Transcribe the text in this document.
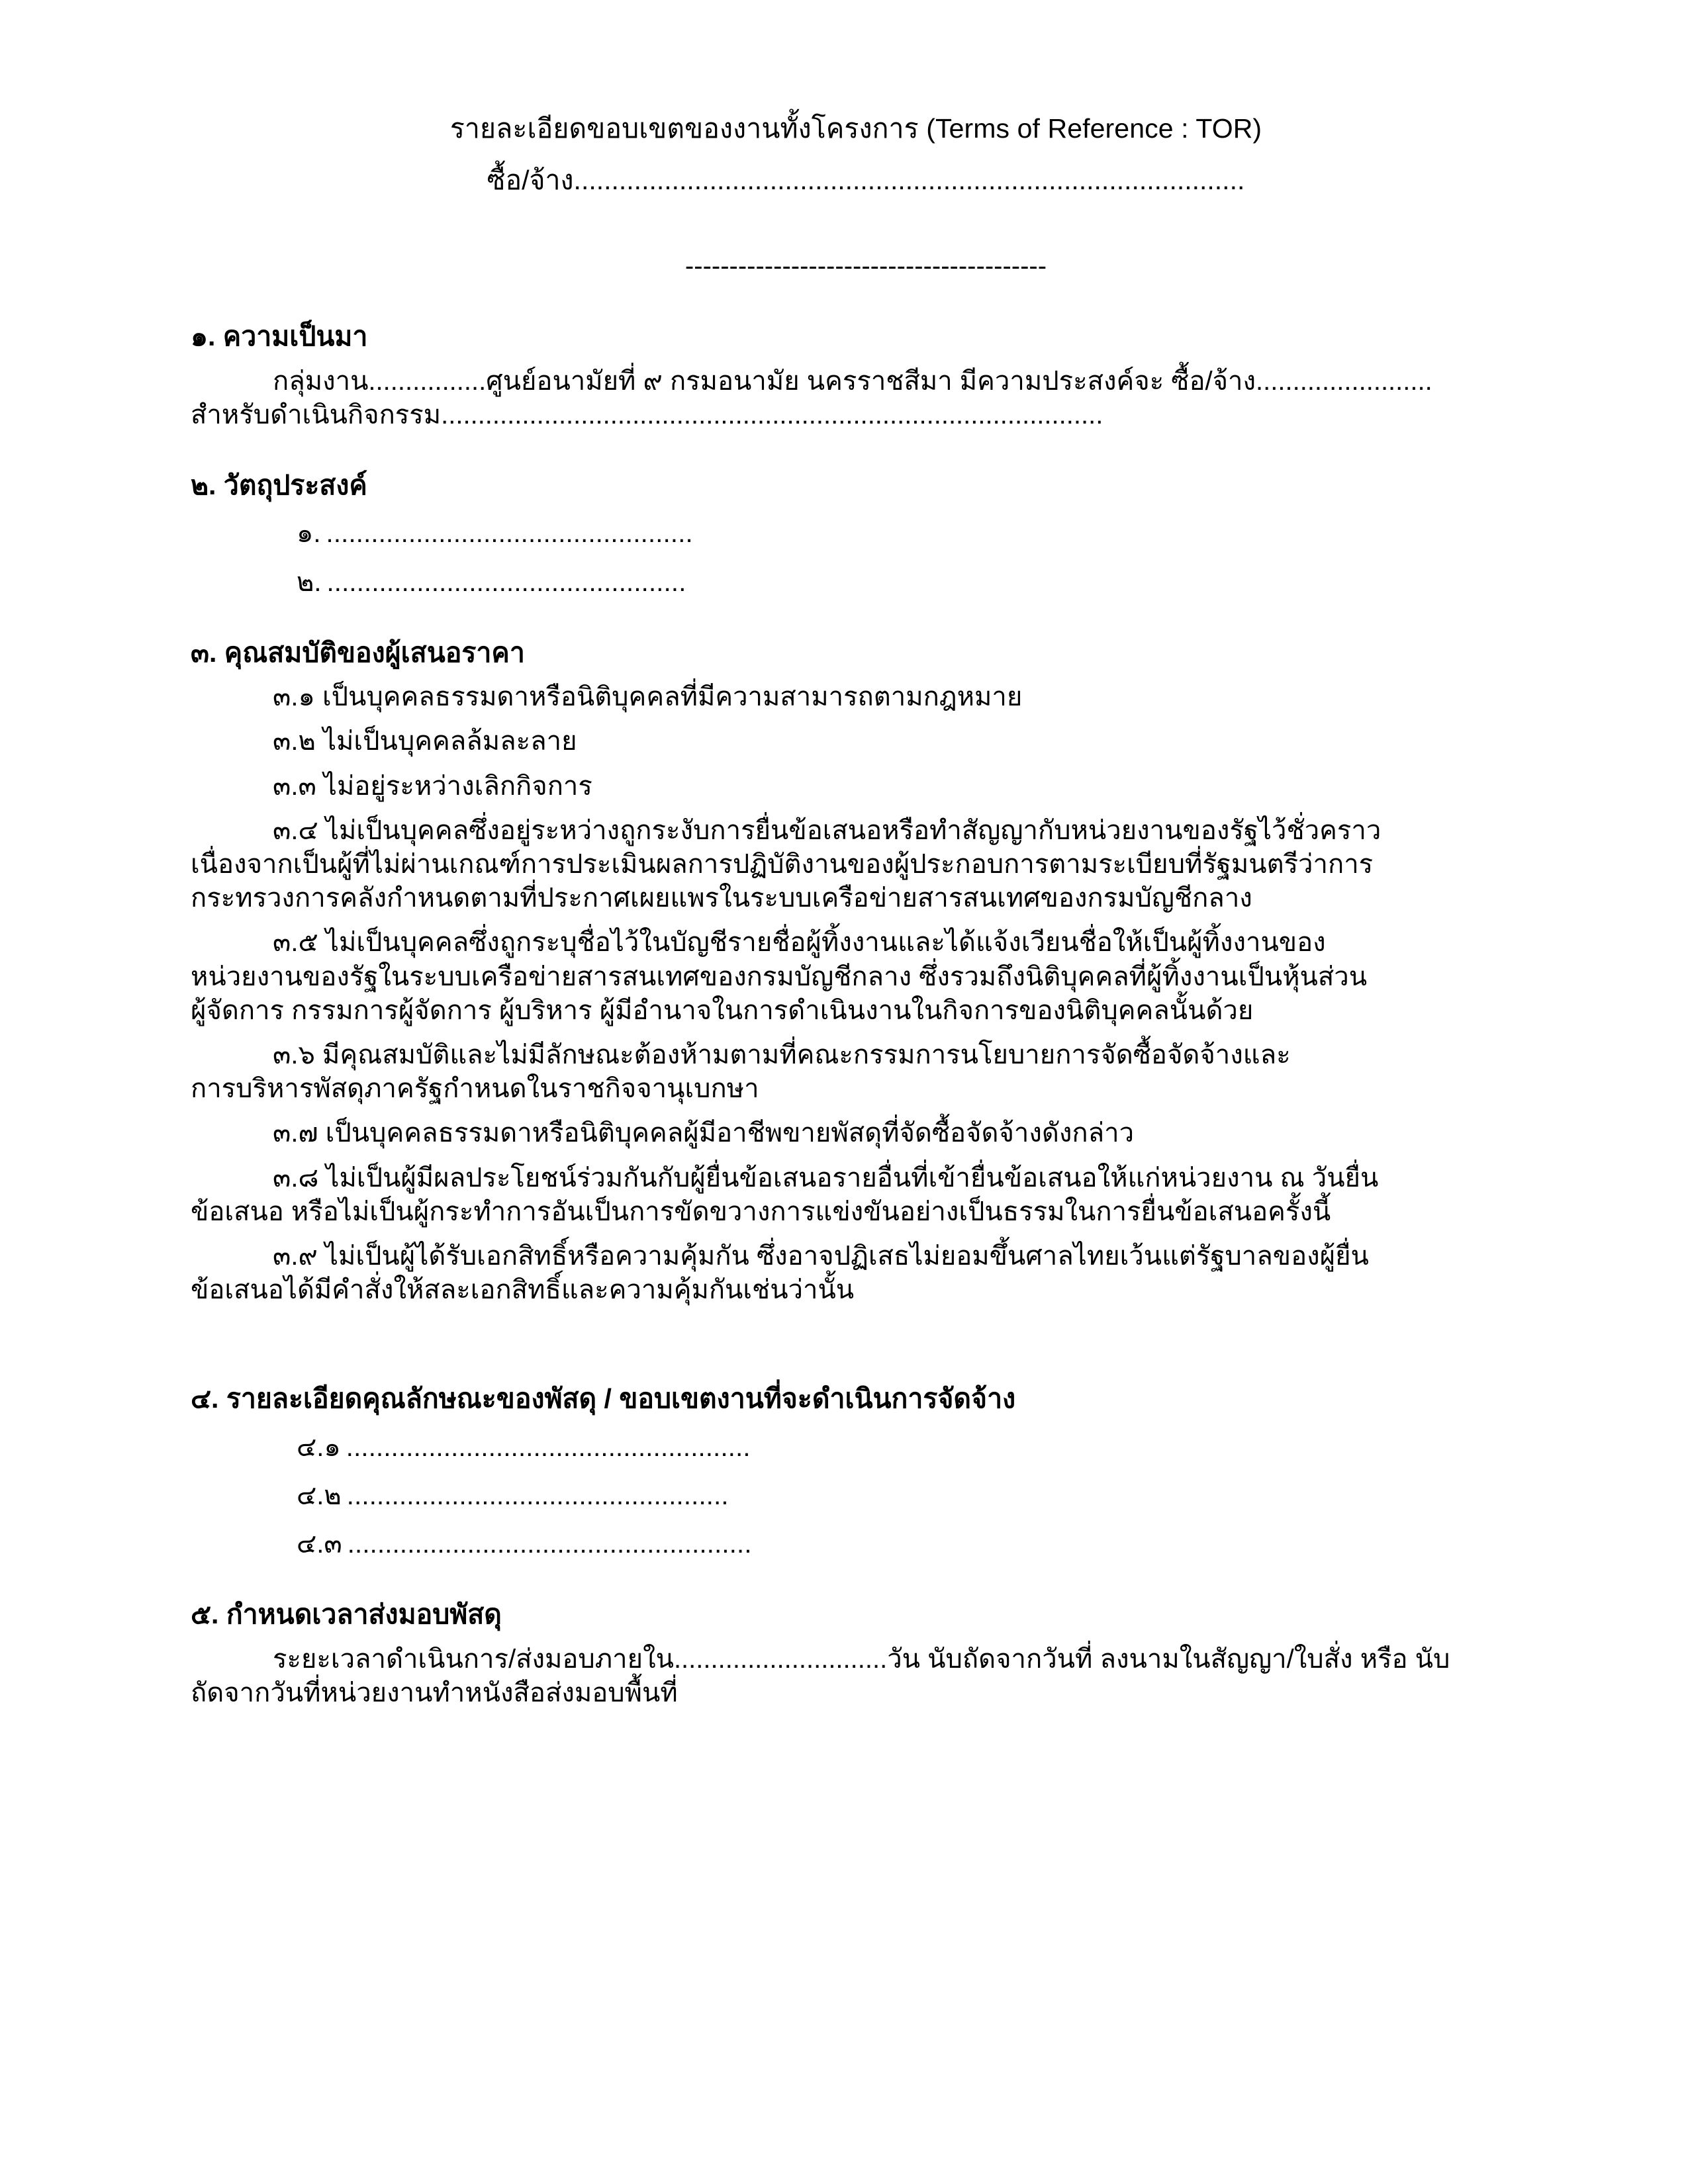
รายละเอียดขอบเขตของงานทั้งโครงการ (Terms of Reference : TOR)
ซื้อ/จ้าง.........................................................................................
-----------------------------------------
๑. ความเป็นมา
กลุ่มงาน................ศูนย์อนามัยที่ ๙ กรมอนามัย นครราชสีมา มีความประสงค์จะ ซื้อ/จ้าง........................
สำหรับดำเนินกิจกรรม..........................................................................................
๒. วัตถุประสงค์
๑. .................................................
๒. ................................................
๓. คุณสมบัติของผู้เสนอราคา
๓.๑ เป็นบุคคลธรรมดาหรือนิติบุคคลที่มีความสามารถตามกฎหมาย
๓.๒ ไม่เป็นบุคคลล้มละลาย
๓.๓ ไม่อยู่ระหว่างเลิกกิจการ
๓.๔ ไม่เป็นบุคคลซึ่งอยู่ระหว่างถูกระงับการยื่นข้อเสนอหรือทำสัญญากับหน่วยงานของรัฐไว้ชั่วคราว
เนื่องจากเป็นผู้ที่ไม่ผ่านเกณฑ์การประเมินผลการปฏิบัติงานของผู้ประกอบการตามระเบียบที่รัฐมนตรีว่าการ
กระทรวงการคลังกำหนดตามที่ประกาศเผยแพรในระบบเครือข่ายสารสนเทศของกรมบัญชีกลาง
๓.๕ ไม่เป็นบุคคลซึ่งถูกระบุชื่อไว้ในบัญชีรายชื่อผู้ทิ้งงานและได้แจ้งเวียนชื่อให้เป็นผู้ทิ้งงานของ
หน่วยงานของรัฐในระบบเครือข่ายสารสนเทศของกรมบัญชีกลาง ซึ่งรวมถึงนิติบุคคลที่ผู้ทิ้งงานเป็นหุ้นส่วน
ผู้จัดการ กรรมการผู้จัดการ ผู้บริหาร ผู้มีอำนาจในการดำเนินงานในกิจการของนิติบุคคลนั้นด้วย
๓.๖ มีคุณสมบัติและไม่มีลักษณะต้องห้ามตามที่คณะกรรมการนโยบายการจัดซื้อจัดจ้างและ
การบริหารพัสดุภาครัฐกำหนดในราชกิจจานุเบกษา
๓.๗ เป็นบุคคลธรรมดาหรือนิติบุคคลผู้มีอาชีพขายพัสดุที่จัดซื้อจัดจ้างดังกล่าว
๓.๘ ไม่เป็นผู้มีผลประโยชน์ร่วมกันกับผู้ยื่นข้อเสนอรายอื่นที่เข้ายื่นข้อเสนอให้แก่หน่วยงาน ณ วันยื่น
ข้อเสนอ หรือไม่เป็นผู้กระทำการอันเป็นการขัดขวางการแข่งขันอย่างเป็นธรรมในการยื่นข้อเสนอครั้งนี้
๓.๙ ไม่เป็นผู้ได้รับเอกสิทธิ์หรือความคุ้มกัน ซึ่งอาจปฏิเสธไม่ยอมขึ้นศาลไทยเว้นแต่รัฐบาลของผู้ยื่น
ข้อเสนอได้มีคำสั่งให้สละเอกสิทธิ์และความคุ้มกันเช่นว่านั้น
๔. รายละเอียดคุณลักษณะของพัสดุ / ขอบเขตงานที่จะดำเนินการจัดจ้าง
๔.๑ ......................................................
๔.๒ ...................................................
๔.๓ ......................................................
๕. กำหนดเวลาส่งมอบพัสดุ
ระยะเวลาดำเนินการ/ส่งมอบภายใน.............................วัน นับถัดจากวันที่ ลงนามในสัญญา/ใบสั่ง หรือ นับ
ถัดจากวันที่หน่วยงานทำหนังสือส่งมอบพื้นที่
